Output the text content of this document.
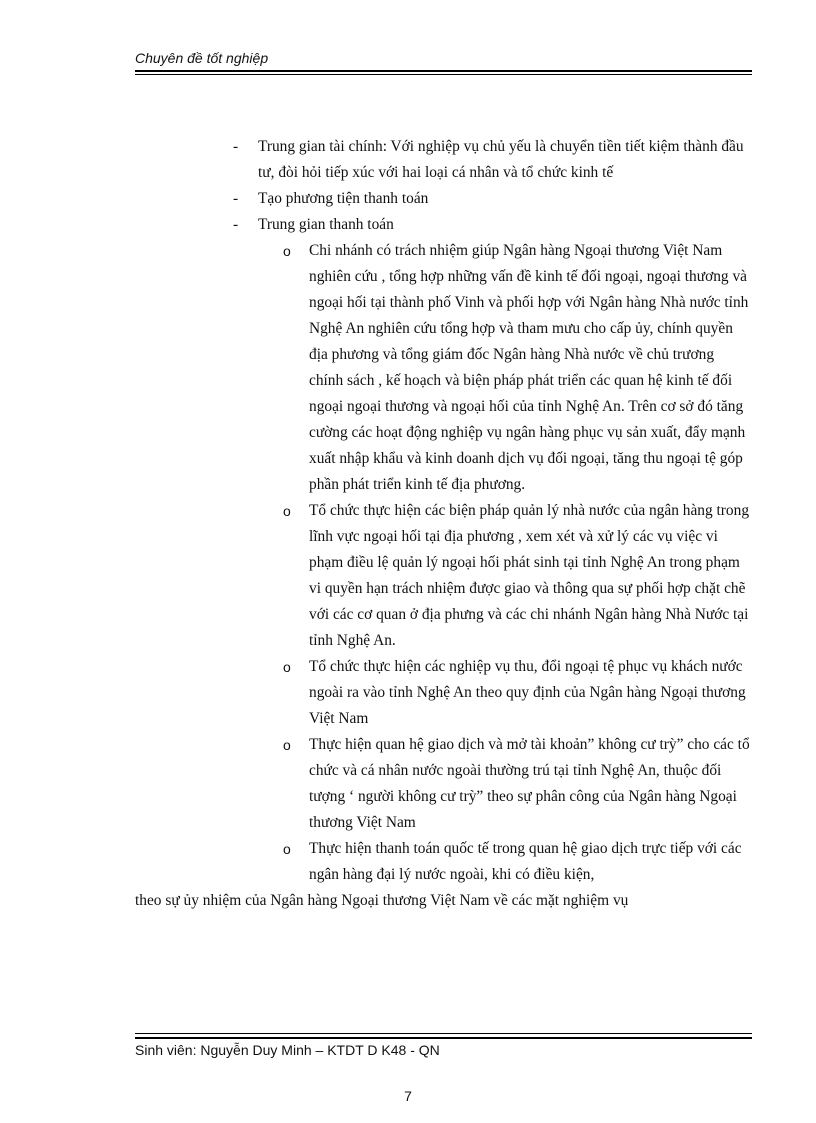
Chuyên đề tốt nghiệp
- Trung gian tài chính: Với nghiệp vụ chủ yếu là chuyển tiền tiết kiệm thành đầu tư, đòi hỏi tiếp xúc với hai loại cá nhân và tổ chức kinh tế
- Tạo phương tiện thanh toán
- Trung gian thanh toán
o Chi nhánh có trách nhiệm giúp Ngân hàng Ngoại thương Việt Nam nghiên cứu , tổng hợp những vấn đề kinh tế đối ngoại, ngoại thương và ngoại hối tại thành phố Vinh và phối hợp với Ngân hàng Nhà nước tỉnh Nghệ An nghiên cứu tổng hợp và tham mưu cho cấp ủy, chính quyền địa phương và tổng giám đốc Ngân hàng Nhà nước về chủ trương chính sách , kế hoạch và biện pháp phát triển các quan hệ kinh tế đối ngoại ngoại thương và ngoại hối của tỉnh Nghệ An. Trên cơ sở đó tăng cường các hoạt động nghiệp vụ ngân hàng phục vụ sản xuất, đẩy mạnh xuất nhập khẩu và kinh doanh dịch vụ đối ngoại, tăng thu ngoại tệ góp phần phát triển kinh tế địa phương.
o Tổ chức thực hiện các biện pháp quản lý nhà nước của ngân hàng trong lĩnh vực ngoại hối tại địa phương , xem xét và xử lý các vụ việc vi phạm điều lệ quản lý ngoại hối phát sinh tại tỉnh Nghệ An trong phạm vi quyền hạn trách nhiệm được giao và thông qua sự phối hợp chặt chẽ với các cơ quan ở địa phưng và các chi nhánh Ngân hàng Nhà Nước tại tỉnh Nghệ An.
o Tổ chức thực hiện các nghiệp vụ thu, đổi ngoại tệ phục vụ khách nước ngoài ra vào tỉnh Nghệ An theo quy định của Ngân hàng Ngoại thương Việt Nam
o Thực hiện quan hệ giao dịch và mở tài khoản” không cư trỳ” cho các tổ chức và cá nhân nước ngoài thường trú tại tỉnh Nghệ An, thuộc đối tượng ‘ người không cư trỳ” theo sự phân công của Ngân hàng Ngoại thương Việt Nam
o Thực hiện thanh toán quốc tế trong quan hệ giao dịch trực tiếp với các ngân hàng đại lý nước ngoài, khi có điều kiện,
theo sự ủy nhiệm của Ngân hàng Ngoại thương Việt Nam về các mặt nghiệm vụ
Sinh viên: Nguyễn Duy Minh – KTDT D K48 - QN
7
